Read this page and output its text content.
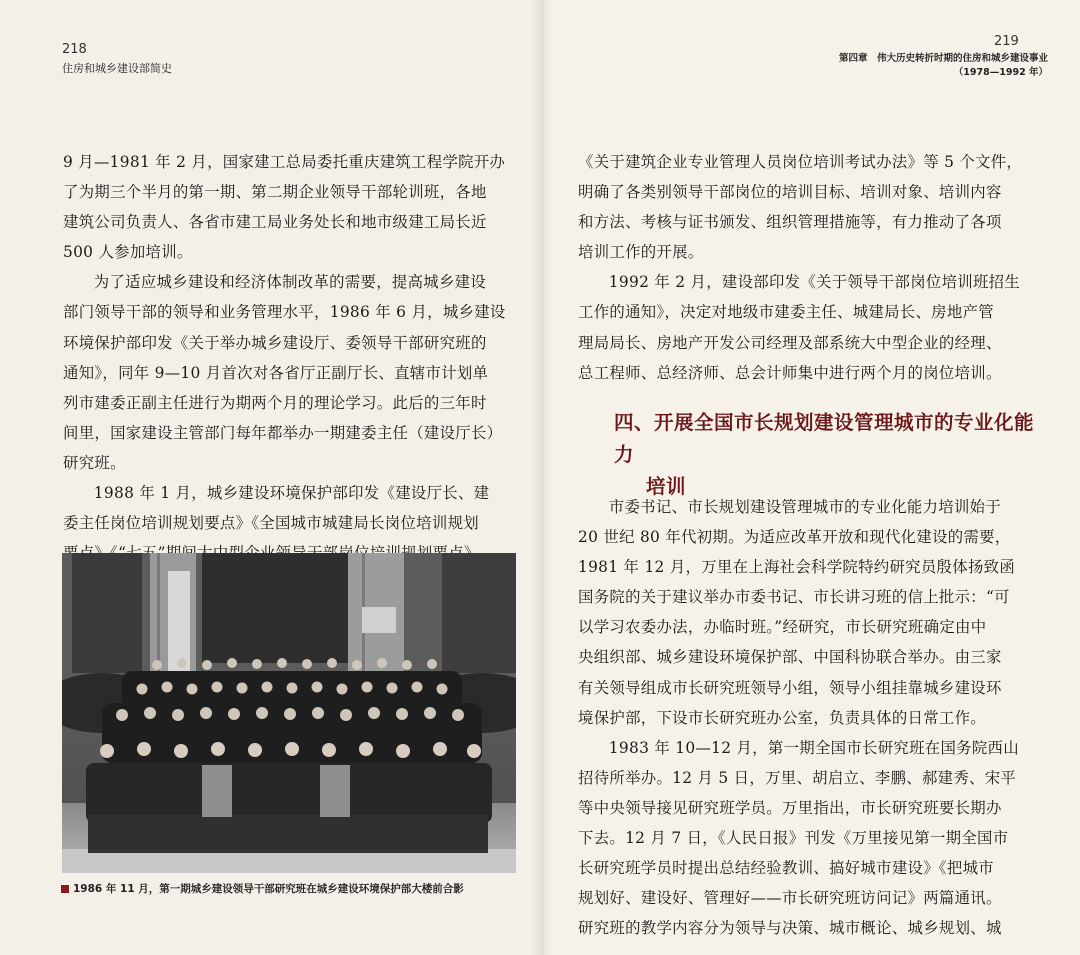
218
住房和城乡建设部简史

9 月—1981 年 2 月，国家建工总局委托重庆建筑工程学院开办
了为期三个半月的第一期、第二期企业领导干部轮训班，各地
建筑公司负责人、各省市建工局业务处长和地市级建工局长近
500 人参加培训。

为了适应城乡建设和经济体制改革的需要，提高城乡建设
部门领导干部的领导和业务管理水平，1986 年 6 月，城乡建设
环境保护部印发《关于举办城乡建设厅、委领导干部研究班的
通知》，同年 9—10 月首次对各省厅正副厅长、直辖市计划单
列市建委正副主任进行为期两个月的理论学习。此后的三年时
间里，国家建设主管部门每年都举办一期建委主任（建设厅长）
研究班。

1988 年 1 月，城乡建设环境保护部印发《建设厅长、建
委主任岗位培训规划要点》《全国城市城建局长岗位培训规划

1986 年 11 月，第一期城乡建设领导干部研究班在城乡建设环境保护部大楼前合影
219
第四章　伟大历史转折时期的住房和城乡建设事业
（1978—1992 年）

《关于建筑企业专业管理人员岗位培训考试办法》等 5 个文件，
明确了各类别领导干部岗位的培训目标、培训对象、培训内容
和方法、考核与证书颁发、组织管理措施等，有力推动了各项
培训工作的开展。

1992 年 2 月，建设部印发《关于领导干部岗位培训班招生
工作的通知》，决定对地级市建委主任、城建局长、房地产管
理局局长、房地产开发公司经理及部系统大中型企业的经理、
总工程师、总经济师、总会计师集中进行两个月的岗位培训。

四、开展全国市长规划建设管理城市的专业化能力
培训

市委书记、市长规划建设管理城市的专业化能力培训始于
20 世纪 80 年代初期。为适应改革开放和现代化建设的需要，
1981 年 12 月，万里在上海社会科学院特约研究员殷体扬致函
国务院的关于建议举办市委书记、市长讲习班的信上批示：“可
以学习农委办法，办临时班。”经研究，市长研究班确定由中
央组织部、城乡建设环境保护部、中国科协联合举办。由三家
有关领导组成市长研究班领导小组，领导小组挂靠城乡建设环
境保护部，下设市长研究班办公室，负责具体的日常工作。

1983 年 10—12 月，第一期全国市长研究班在国务院西山
招待所举办。12 月 5 日，万里、胡启立、李鹏、郝建秀、宋平
等中央领导接见研究班学员。万里指出，市长研究班要长期办
下去。12 月 7 日，《人民日报》刊发《万里接见第一期全国市
长研究班学员时提出总结经验教训、搞好城市建设》《把城市
规划好、建设好、管理好——市长研究班访问记》两篇通讯。
研究班的教学内容分为领导与决策、城市概论、城乡规划、城
